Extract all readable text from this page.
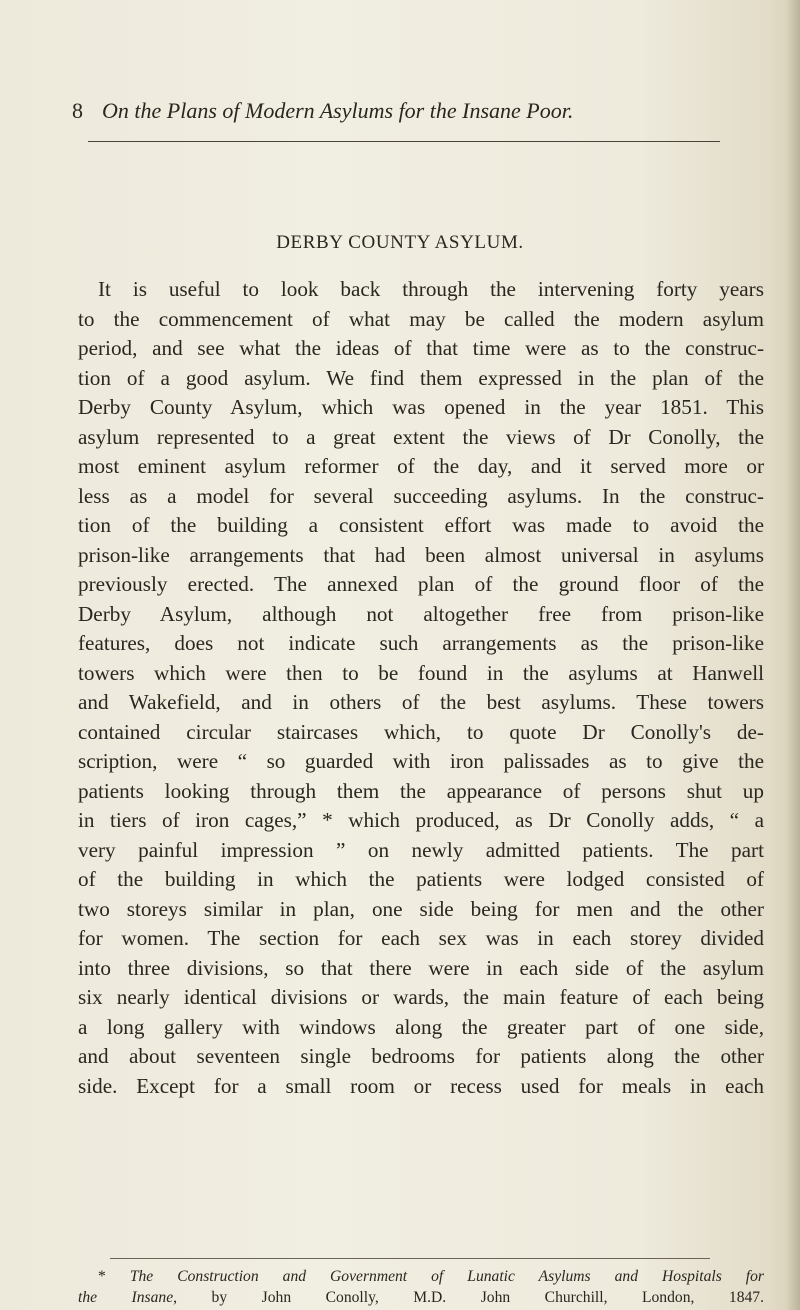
8 On the Plans of Modern Asylums for the Insane Poor.
DERBY COUNTY ASYLUM.
It is useful to look back through the intervening forty years
to the commencement of what may be called the modern asylum
period, and see what the ideas of that time were as to the construc-
tion of a good asylum. We find them expressed in the plan of the
Derby County Asylum, which was opened in the year 1851. This
asylum represented to a great extent the views of Dr Conolly, the
most eminent asylum reformer of the day, and it served more or
less as a model for several succeeding asylums. In the construc-
tion of the building a consistent effort was made to avoid the
prison-like arrangements that had been almost universal in asylums
previously erected. The annexed plan of the ground floor of the
Derby Asylum, although not altogether free from prison-like
features, does not indicate such arrangements as the prison-like
towers which were then to be found in the asylums at Hanwell
and Wakefield, and in others of the best asylums. These towers
contained circular staircases which, to quote Dr Conolly's de-
scription, were “ so guarded with iron palissades as to give the
patients looking through them the appearance of persons shut up
in tiers of iron cages,” * which produced, as Dr Conolly adds, “ a
very painful impression ” on newly admitted patients. The part
of the building in which the patients were lodged consisted of
two storeys similar in plan, one side being for men and the other
for women. The section for each sex was in each storey divided
into three divisions, so that there were in each side of the asylum
six nearly identical divisions or wards, the main feature of each being
a long gallery with windows along the greater part of one side,
and about seventeen single bedrooms for patients along the other
side. Except for a small room or recess used for meals in each
* The Construction and Government of Lunatic Asylums and Hospitals for
the Insane, by John Conolly, M.D. John Churchill, London, 1847.
